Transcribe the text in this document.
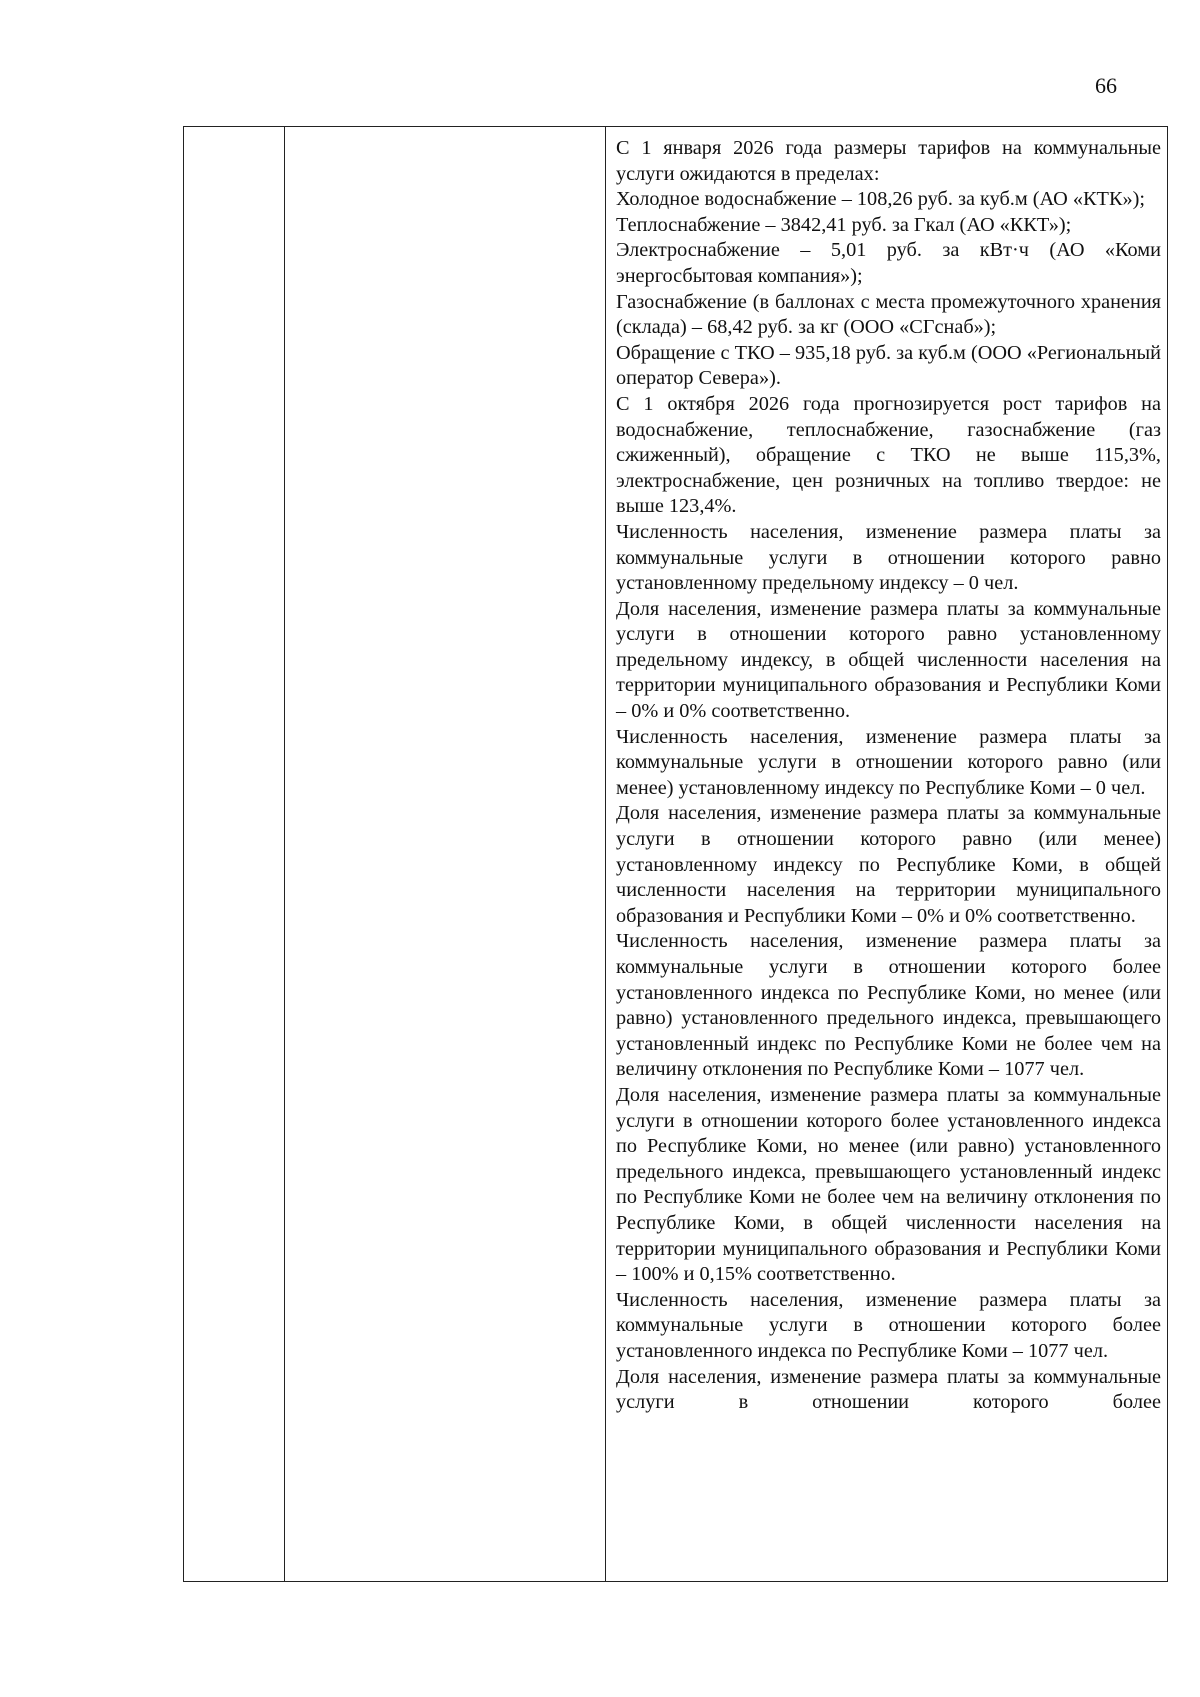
66

С 1 января 2026 года размеры тарифов на коммунальные услуги ожидаются в пределах:

Холодное водоснабжение – 108,26 руб. за куб.м (АО «КТК»);

Теплоснабжение – 3842,41 руб. за Гкал (АО «ККТ»);

Электроснабжение – 5,01 руб. за кВт·ч (АО «Коми энергосбытовая компания»);

Газоснабжение (в баллонах с места промежуточного хранения (склада) – 68,42 руб. за кг (ООО «СГснаб»);

Обращение с ТКО – 935,18 руб. за куб.м (ООО «Региональный оператор Севера»).

С 1 октября 2026 года прогнозируется рост тарифов на водоснабжение, теплоснабжение, газоснабжение (газ сжиженный), обращение с ТКО не выше 115,3%, электроснабжение, цен розничных на топливо твердое: не выше 123,4%.

Численность населения, изменение размера платы за коммунальные услуги в отношении которого равно установленному предельному индексу – 0 чел.

Доля населения, изменение размера платы за коммунальные услуги в отношении которого равно установленному предельному индексу, в общей численности населения на территории муниципального образования и Республики Коми – 0% и 0% соответственно.

Численность населения, изменение размера платы за коммунальные услуги в отношении которого равно (или менее) установленному индексу по Республике Коми – 0 чел.

Доля населения, изменение размера платы за коммунальные услуги в отношении которого равно (или менее) установленному индексу по Республике Коми, в общей численности населения на территории муниципального образования и Республики Коми – 0% и 0% соответственно.

Численность населения, изменение размера платы за коммунальные услуги в отношении которого более установленного индекса по Республике Коми, но менее (или равно) установленного предельного индекса, превышающего установленный индекс по Республике Коми не более чем на величину отклонения по Республике Коми – 1077 чел.

Доля населения, изменение размера платы за коммунальные услуги в отношении которого более установленного индекса по Республике Коми, но менее (или равно) установленного предельного индекса, превышающего установленный индекс по Республике Коми не более чем на величину отклонения по Республике Коми, в общей численности населения на территории муниципального образования и Республики Коми – 100% и 0,15% соответственно.

Численность населения, изменение размера платы за коммунальные услуги в отношении которого более установленного индекса по Республике Коми – 1077 чел.

Доля населения, изменение размера платы за коммунальные услуги в отношении которого более
